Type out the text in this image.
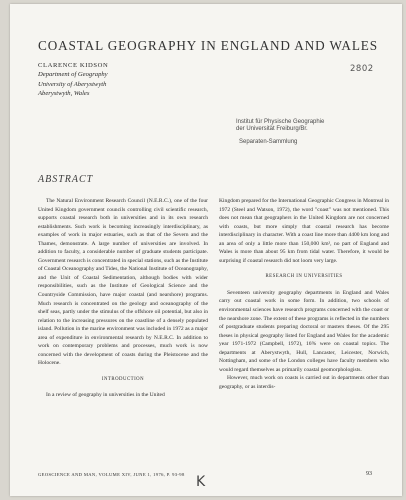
COASTAL GEOGRAPHY IN ENGLAND AND WALES
CLARENCE KIDSON
Department of Geography
University of Aberystwyth
Aberystwyth, Wales
2802
Institut für Physische Geographie
der Universität Freiburg/Br.
Separaten-Sammlung
ABSTRACT

The Natural Environment Research Council (N.E.R.C.), one of the four United Kingdom government councils controlling civil scientific research, supports coastal research both in universities and in its own research establishments. Such work is becoming increasingly interdisciplinary, as examples of work in major estuaries, such as that of the Severn and the Thames, demonstrate. A large number of universities are involved. In addition to faculty, a considerable number of graduate students participate. Government research is concentrated in special stations, such as the Institute of Coastal Oceanography and Tides, the National Institute of Oceanography, and the Unit of Coastal Sedimentation, although bodies with wider responsibilities, such as the Institute of Geological Science and the Countryside Commission, have major coastal (and nearshore) programs. Much research is concentrated on the geology and oceanography of the shelf seas, partly under the stimulus of the offshore oil potential, but also in relation to the increasing pressures on the coastline of a densely populated island. Pollution in the marine environment was included in 1972 as a major area of expenditure in environmental research by N.E.R.C. In addition to work on contemporary problems and processes, much work is now concerned with the development of coasts during the Pleistocene and the Holocene.

INTRODUCTION

In a review of geography in universities in the United

Kingdom prepared for the International Geographic Congress in Montreal in 1972 (Steel and Watson, 1972), the word "coast" was not mentioned. This does not mean that geographers in the United Kingdom are not concerned with coasts, but more simply that coastal research has become interdisciplinary in character. With a coast line more than 4400 km long and an area of only a little more than 150,000 km², no part of England and Wales is more than about 95 km from tidal water. Therefore, it would be surprising if coastal research did not loom very large.

RESEARCH IN UNIVERSITIES

Seventeen university geography departments in England and Wales carry out coastal work in some form. In addition, two schools of environmental sciences have research programs concerned with the coast or the nearshore zone. The extent of these programs is reflected in the numbers of postgraduate students preparing doctoral or masters theses. Of the 295 theses in physical geography listed for England and Wales for the academic year 1971-1972 (Campbell, 1972), 16% were on coastal topics. The departments at Aberystwyth, Hull, Lancaster, Leicester, Norwich, Nottingham, and some of the London colleges have faculty members who would regard themselves as primarily coastal geomorphologists.

However, much work on coasts is carried out in departments other than geography, or as interdis-

GEOSCIENCE AND MAN, VOLUME XIV, JUNE 1, 1976, P. 93-98	93
K
